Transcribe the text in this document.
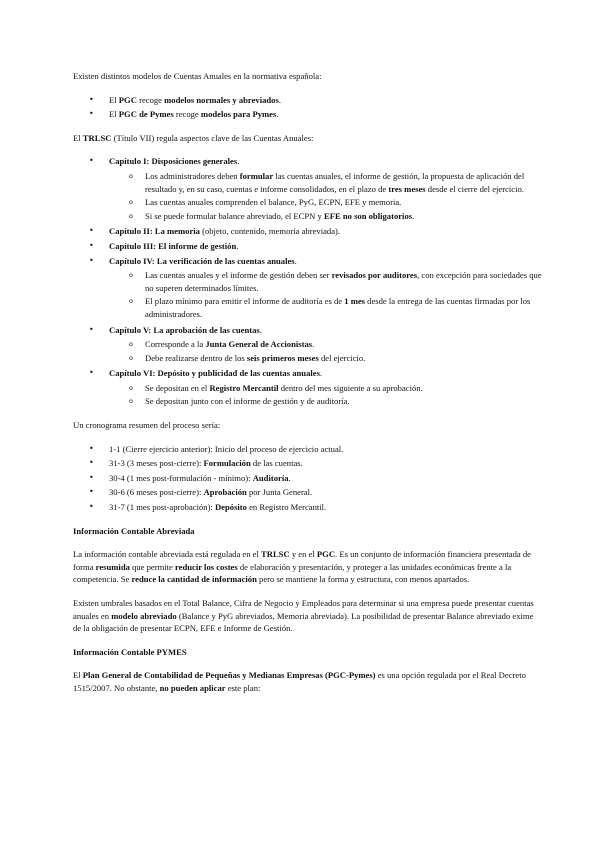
Existen distintos modelos de Cuentas Anuales en la normativa española:

• El PGC recoge modelos normales y abreviados.
• El PGC de Pymes recoge modelos para Pymes.

El TRLSC (Título VII) regula aspectos clave de las Cuentas Anuales:

• Capítulo I: Disposiciones generales.
o Los administradores deben formular las cuentas anuales, el informe de gestión, la propuesta de aplicación del resultado y, en su caso, cuentas e informe consolidados, en el plazo de tres meses desde el cierre del ejercicio.
o Las cuentas anuales comprenden el balance, PyG, ECPN, EFE y memoria.
o Si se puede formular balance abreviado, el ECPN y EFE no son obligatorios.
• Capítulo II: La memoria (objeto, contenido, memoria abreviada).
• Capítulo III: El informe de gestión.
• Capítulo IV: La verificación de las cuentas anuales.
o Las cuentas anuales y el informe de gestión deben ser revisados por auditores, con excepción para sociedades que no superen determinados límites.
o El plazo mínimo para emitir el informe de auditoría es de 1 mes desde la entrega de las cuentas firmadas por los administradores.
• Capítulo V: La aprobación de las cuentas.
o Corresponde a la Junta General de Accionistas.
o Debe realizarse dentro de los seis primeros meses del ejercicio.
• Capítulo VI: Depósito y publicidad de las cuentas anuales.
o Se depositan en el Registro Mercantil dentro del mes siguiente a su aprobación.
o Se depositan junto con el informe de gestión y de auditoría.

Un cronograma resumen del proceso sería:

• 1-1 (Cierre ejercicio anterior): Inicio del proceso de ejercicio actual.
• 31-3 (3 meses post-cierre): Formulación de las cuentas.
• 30-4 (1 mes post-formulación - mínimo): Auditoría.
• 30-6 (6 meses post-cierre): Aprobación por Junta General.
• 31-7 (1 mes post-aprobación): Depósito en Registro Mercantil.

Información Contable Abreviada

La información contable abreviada está regulada en el TRLSC y en el PGC. Es un conjunto de información financiera presentada de forma resumida que permite reducir los costes de elaboración y presentación, y proteger a las unidades económicas frente a la competencia. Se reduce la cantidad de información pero se mantiene la forma y estructura, con menos apartados.

Existen umbrales basados en el Total Balance, Cifra de Negocio y Empleados para determinar si una empresa puede presentar cuentas anuales en modelo abreviado (Balance y PyG abreviados, Memoria abreviada). La posibilidad de presentar Balance abreviado exime de la obligación de presentar ECPN, EFE e Informe de Gestión.

Información Contable PYMES

El Plan General de Contabilidad de Pequeñas y Medianas Empresas (PGC-Pymes) es una opción regulada por el Real Decreto 1515/2007. No obstante, no pueden aplicar este plan:
